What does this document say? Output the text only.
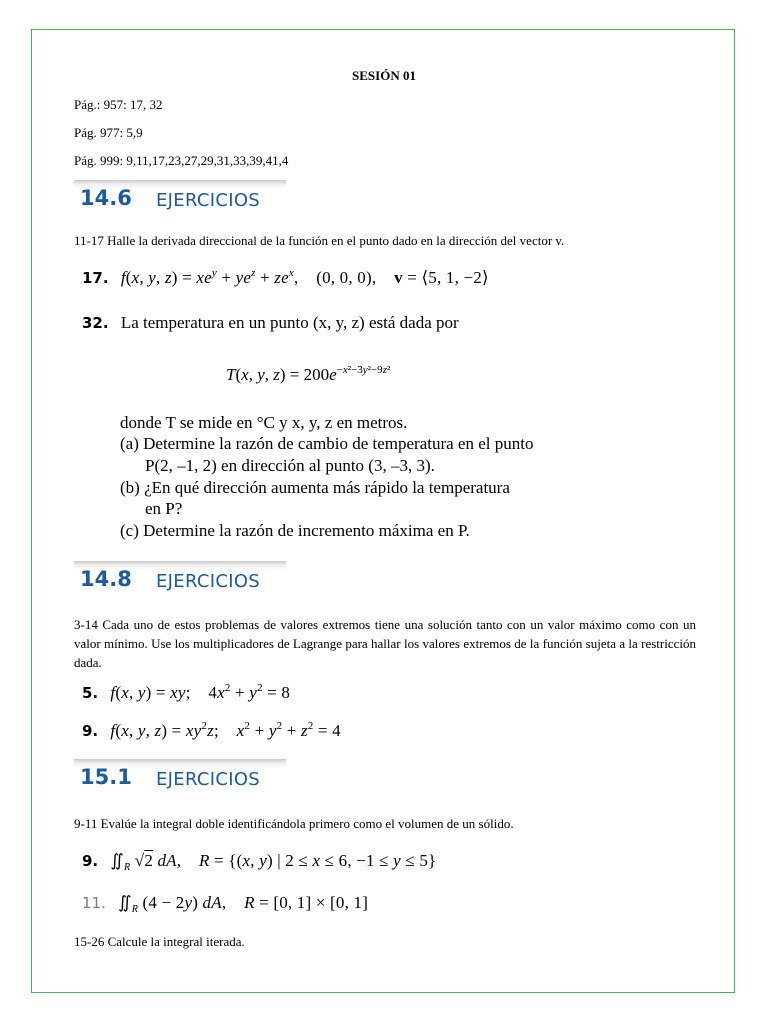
SESIÓN 01
Pág.: 957: 17, 32
Pág. 977: 5,9
Pág. 999: 9,11,17,23,27,29,31,33,39,41,4
14.6 EJERCICIOS
11-17 Halle la derivada direccional de la función en el punto dado en la dirección del vector v.
17. f(x, y, $z) = xe^y + ye^z + ze^x$,    (0, 0, 0),    v = ⟨5, 1, −2⟩
32. La temperatura en un punto (x, y, z) está dada por
T(x, y, $z) = 200e^{-x^2-3y^2-9z^2}$
donde T se mide en °C y x, y, z en metros.
(a) Determine la razón de cambio de temperatura en el punto
P(2, –1, 2) en dirección al punto (3, –3, 3).
(b) ¿En qué dirección aumenta más rápido la temperatura
en P?
(c) Determine la razón de incremento máxima en P.
14.8 EJERCICIOS
3-14 Cada uno de estos problemas de valores extremos tiene una solución tanto con un valor máximo como con un valor mínimo. Use los multiplicadores de Lagrange para hallar los valores extremos de la función sujeta a la restricción dada.
5. f(x, y) = xy;    $4x^2 + y^2 = 8$
9. f(x, y, $z) = xy^2z$;    $x^2 + y^2 + z^2 = 4$
15.1 EJERCICIOS
9-11 Evalúe la integral doble identificándola primero como el volumen de un sólido.
9. $∬_R$ √2 dA,    R = {(x, y) | 2 ≤ x ≤ 6, −1 ≤ y ≤ 5}
11. $∬_R$ (4 − 2y) dA,    R = [0, 1] × [0, 1]
15-26 Calcule la integral iterada.
